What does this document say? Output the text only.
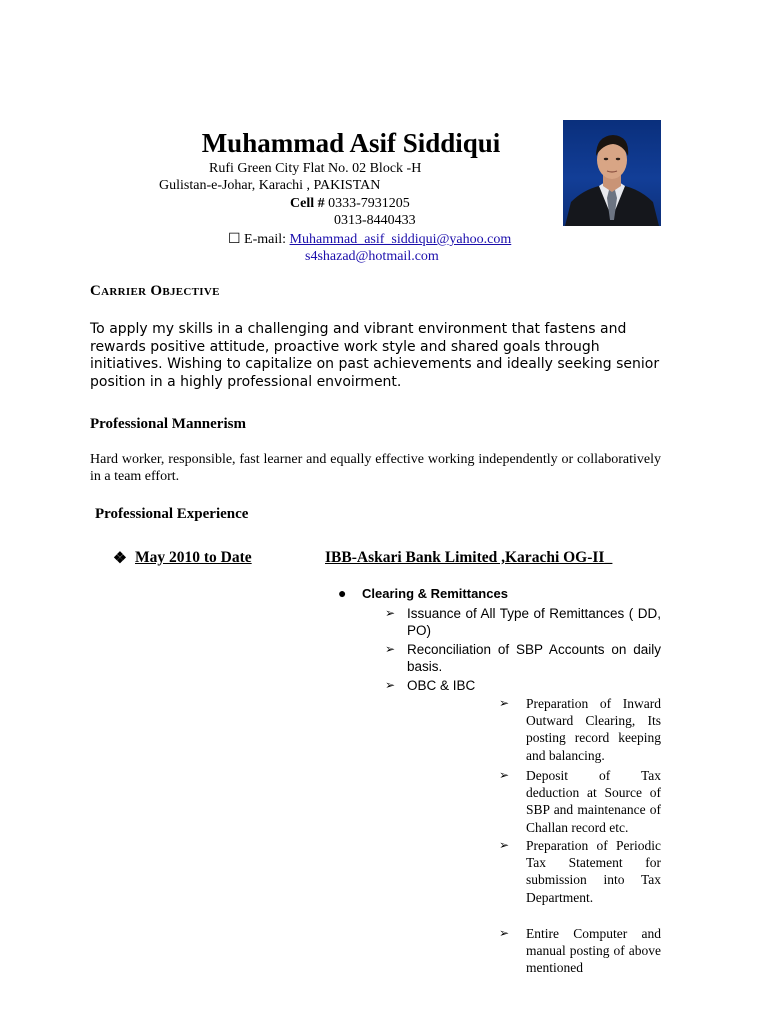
Muhammad Asif Siddiqui
Rufi Green City Flat No. 02 Block -H
Gulistan-e-Johar, Karachi , PAKISTAN
Cell # 0333-7931205
0313-8440433
☐ E-mail: Muhammad_asif_siddiqui@yahoo.com
s4shazad@hotmail.com
Carrier Objective
To apply my skills in a challenging and vibrant environment that fastens and rewards positive attitude, proactive work style and shared goals through initiatives. Wishing to capitalize on past achievements and ideally seeking senior position in a highly professional envoirment.
Professional Mannerism
Hard worker, responsible, fast learner and equally effective working independently or collaboratively in a team effort.
Professional Experience
❖ May 2010 to Date	IBB-Askari Bank Limited ,Karachi OG-II_
● Clearing & Remittances
➢ Issuance of All Type of Remittances ( DD, PO)
➢ Reconciliation of SBP Accounts on daily basis.
➢ OBC & IBC
➢ Preparation of Inward Outward Clearing, Its posting record keeping and balancing.
➢ Deposit of Tax deduction at Source of SBP and maintenance of Challan record etc.
➢ Preparation of Periodic Tax Statement for submission into Tax Department.
➢ Entire Computer and manual posting of above mentioned
